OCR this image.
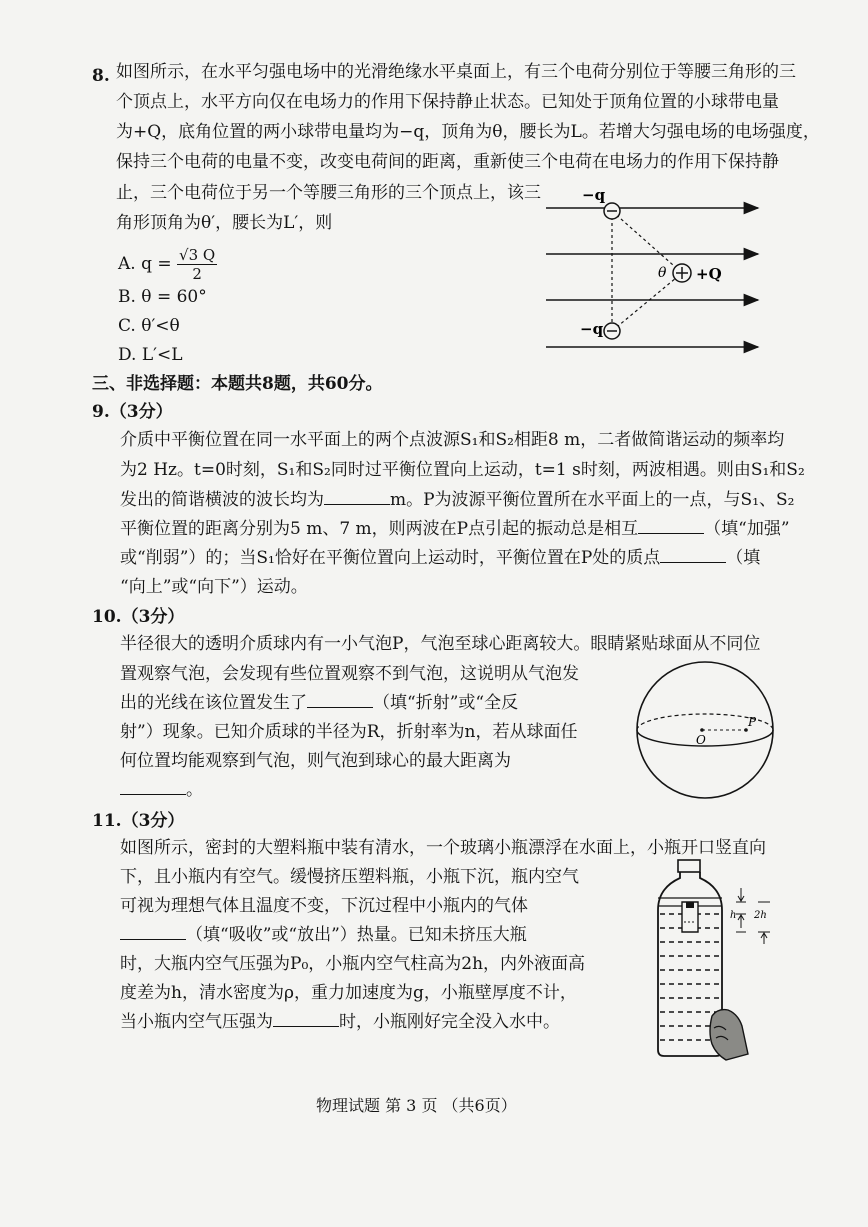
8. 如图所示，在水平匀强电场中的光滑绝缘水平桌面上，有三个电荷分别位于等腰三角形的三
个顶点上，水平方向仅在电场力的作用下保持静止状态。已知处于顶角位置的小球带电量
为+Q，底角位置的两小球带电量均为−q，顶角为θ，腰长为L。若增大匀强电场的电场强度，
保持三个电荷的电量不变，改变电荷间的距离，重新使三个电荷在电场力的作用下保持静
止，三个电荷位于另一个等腰三角形的三个顶点上，该三
角形顶角为θ′，腰长为L′，则
A. $q = \frac{√3 Q}{2}$
B. θ = 60°
C. θ′<θ
D. L′<L
−q
−q
+Q
θ
三、非选择题：本题共8题，共60分。
9.（3分）
介质中平衡位置在同一水平面上的两个点波源S₁和S₂相距8 m，二者做简谐运动的频率均
为2 Hz。t=0时刻，S₁和S₂同时过平衡位置向上运动，t=1 s时刻，两波相遇。则由S₁和S₂
发出的简谐横波的波长均为	m。P为波源平衡位置所在水平面上的一点，与S₁、S₂
平衡位置的距离分别为5 m、7 m，则两波在P点引起的振动总是相互	（填“加强”
或“削弱”）的；当S₁恰好在平衡位置向上运动时，平衡位置在P处的质点	（填
“向上”或“向下”）运动。
10.（3分）
半径很大的透明介质球内有一小气泡P，气泡至球心距离较大。眼睛紧贴球面从不同位
置观察气泡，会发现有些位置观察不到气泡，这说明从气泡发
出的光线在该位置发生了	（填“折射”或“全反
射”）现象。已知介质球的半径为R，折射率为n，若从球面任
何位置均能观察到气泡，则气泡到球心的最大距离为
。
O
P
11.（3分）
如图所示，密封的大塑料瓶中装有清水，一个玻璃小瓶漂浮在水面上，小瓶开口竖直向
下，且小瓶内有空气。缓慢挤压塑料瓶，小瓶下沉，瓶内空气
可视为理想气体且温度不变，下沉过程中小瓶内的气体
（填“吸收”或“放出”）热量。已知未挤压大瓶
时，大瓶内空气压强为P₀，小瓶内空气柱高为2h，内外液面高
度差为h，清水密度为ρ，重力加速度为g，小瓶壁厚度不计，
当小瓶内空气压强为	时，小瓶刚好完全没入水中。
h 2h
物理试题 第 3 页 （共6页）
